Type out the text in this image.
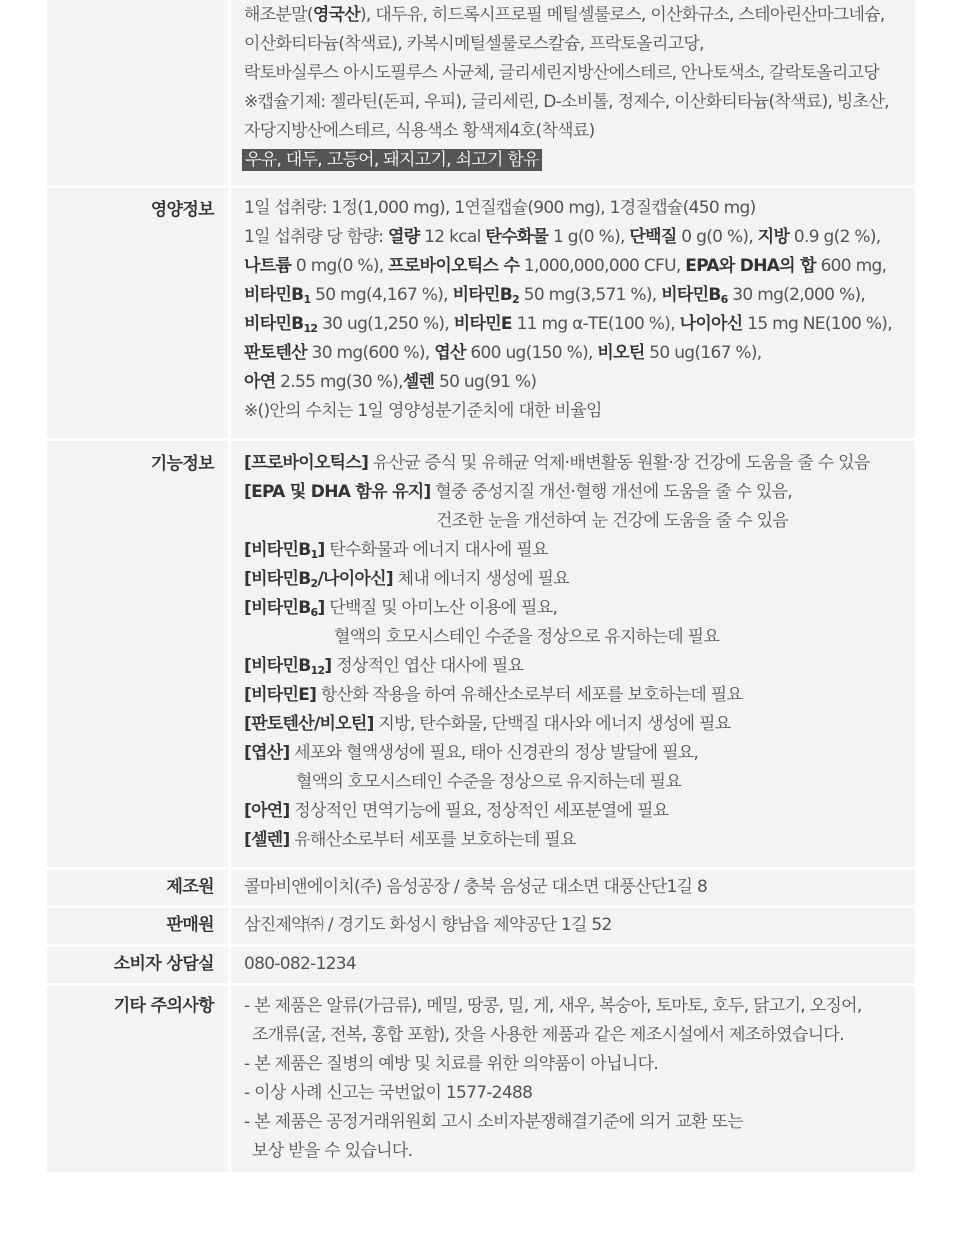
해조분말(영국산), 대두유, 히드록시프로필 메틸셀룰로스, 이산화규소, 스테아린산마그네슘,
이산화티타늄(착색료), 카복시메틸셀룰로스칼슘, 프락토올리고당,
락토바실루스 아시도필루스 사균체, 글리세린지방산에스테르, 안나토색소, 갈락토올리고당
※캡슐기제: 젤라틴(돈피, 우피), 글리세린, D-소비톨, 정제수, 이산화티타늄(착색료), 빙초산,
자당지방산에스테르, 식용색소 황색제4호(착색료)
우유, 대두, 고등어, 돼지고기, 쇠고기 함유
영양정보	1일 섭취량: 1정(1,000 mg), 1연질캡슐(900 mg), 1경질캡슐(450 mg)
1일 섭취량 당 함량: 열량 12 kcal 탄수화물 1 g(0 %), 단백질 0 g(0 %), 지방 0.9 g(2 %),
나트륨 0 mg(0 %), 프로바이오틱스 수 1,000,000,000 CFU, EPA와 DHA의 합 600 mg,
비타민$B_1$ 50 mg(4,167 %), 비타민$B_2$ 50 mg(3,571 %), 비타민$B_6$ 30 mg(2,000 %),
비타민$B_{12}$ 30 ug(1,250 %), 비타민E 11 mg α-TE(100 %), 나이아신 15 mg NE(100 %),
판토텐산 30 mg(600 %), 엽산 600 ug(150 %), 비오틴 50 ug(167 %),
아연 2.55 mg(30 %),셀렌 50 ug(91 %)
※()안의 수치는 1일 영양성분기준치에 대한 비율임
기능정보	[프로바이오틱스] 유산균 증식 및 유해균 억제·배변활동 원활·장 건강에 도움을 줄 수 있음
[EPA 및 DHA 함유 유지] 혈중 중성지질 개선·혈행 개선에 도움을 줄 수 있음,
건조한 눈을 개선하여 눈 건강에 도움을 줄 수 있음
[비타민$B_1$] 탄수화물과 에너지 대사에 필요
[비타민$B_2/$나이아신] 체내 에너지 생성에 필요
[비타민$B_6$] 단백질 및 아미노산 이용에 필요,
혈액의 호모시스테인 수준을 정상으로 유지하는데 필요
[비타민$B_{12}$] 정상적인 엽산 대사에 필요
[비타민E] 항산화 작용을 하여 유해산소로부터 세포를 보호하는데 필요
[판토텐산/비오틴] 지방, 탄수화물, 단백질 대사와 에너지 생성에 필요
[엽산] 세포와 혈액생성에 필요, 태아 신경관의 정상 발달에 필요,
혈액의 호모시스테인 수준을 정상으로 유지하는데 필요
[아연] 정상적인 면역기능에 필요, 정상적인 세포분열에 필요
[셀렌] 유해산소로부터 세포를 보호하는데 필요
제조원	콜마비앤에이치(주) 음성공장 / 충북 음성군 대소면 대풍산단1길 8
판매원	삼진제약㈜ / 경기도 화성시 향남읍 제약공단 1길 52
소비자 상담실	080-082-1234
기타 주의사항	- 본 제품은 알류(가금류), 메밀, 땅콩, 밀, 게, 새우, 복숭아, 토마토, 호두, 닭고기, 오징어,
조개류(굴, 전복, 홍합 포함), 잣을 사용한 제품과 같은 제조시설에서 제조하였습니다.
- 본 제품은 질병의 예방 및 치료를 위한 의약품이 아닙니다.
- 이상 사례 신고는 국번없이 1577-2488
- 본 제품은 공정거래위원회 고시 소비자분쟁해결기준에 의거 교환 또는
보상 받을 수 있습니다.
